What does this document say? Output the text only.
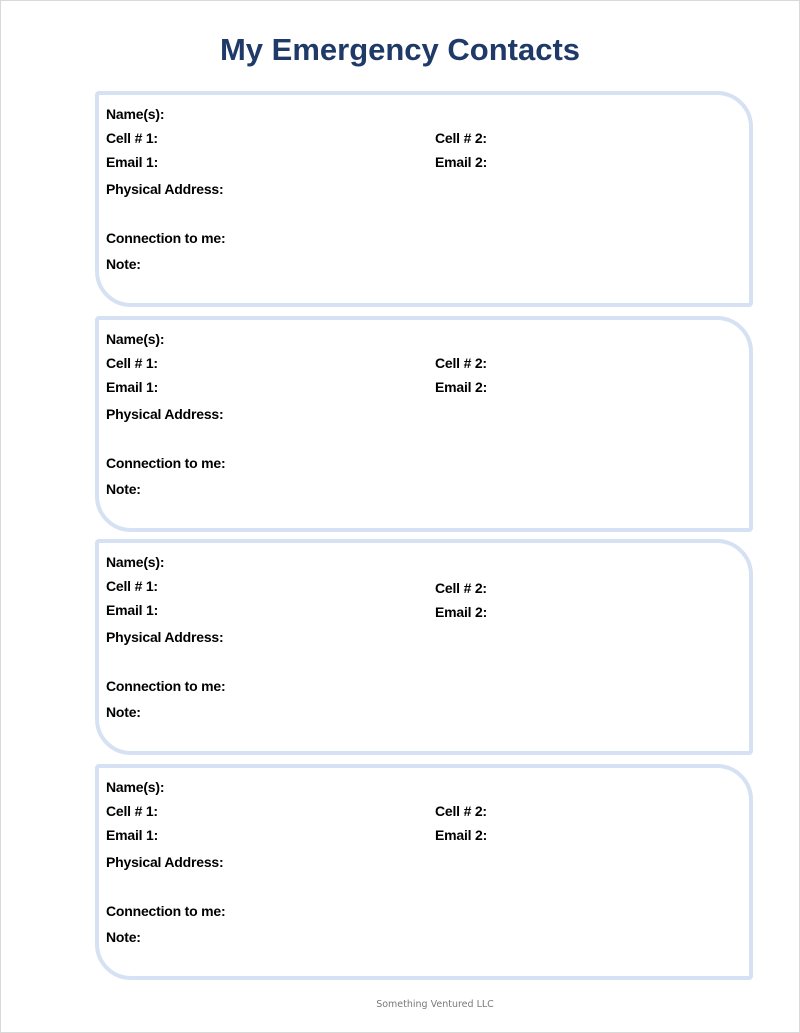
My Emergency Contacts
Name(s):
Cell # 1:	Cell # 2:
Email 1:	Email 2:
Physical Address:
Connection to me:
Note:
Name(s):
Cell # 1:	Cell # 2:
Email 1:	Email 2:
Physical Address:
Connection to me:
Note:
Name(s):
Cell # 1:	Cell # 2:
Email 1:	Email 2:
Physical Address:
Connection to me:
Note:
Name(s):
Cell # 1:	Cell # 2:
Email 1:	Email 2:
Physical Address:
Connection to me:
Note:
Something Ventured LLC
